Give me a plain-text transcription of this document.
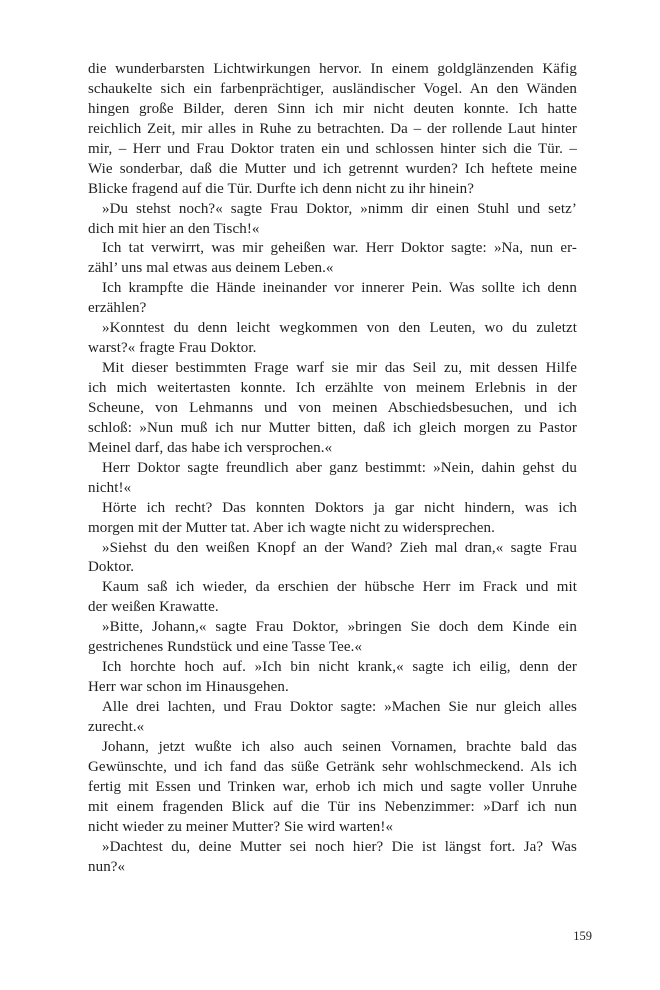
die wunderbarsten Lichtwirkungen hervor. In einem goldglänzenden Käfig
schaukelte sich ein farbenprächtiger, ausländischer Vogel. An den Wänden
hingen große Bilder, deren Sinn ich mir nicht deuten konnte. Ich hatte
reichlich Zeit, mir alles in Ruhe zu betrachten. Da – der rollende Laut hinter
mir, – Herr und Frau Doktor traten ein und schlossen hinter sich die Tür. –
Wie sonderbar, daß die Mutter und ich getrennt wurden? Ich heftete meine
Blicke fragend auf die Tür. Durfte ich denn nicht zu ihr hinein?
»Du stehst noch?« sagte Frau Doktor, »nimm dir einen Stuhl und setz’
dich mit hier an den Tisch!«
Ich tat verwirrt, was mir geheißen war. Herr Doktor sagte: »Na, nun er-
zähl’ uns mal etwas aus deinem Leben.«
Ich krampfte die Hände ineinander vor innerer Pein. Was sollte ich denn
erzählen?
»Konntest du denn leicht wegkommen von den Leuten, wo du zuletzt
warst?« fragte Frau Doktor.
Mit dieser bestimmten Frage warf sie mir das Seil zu, mit dessen Hilfe
ich mich weitertasten konnte. Ich erzählte von meinem Erlebnis in der
Scheune, von Lehmanns und von meinen Abschiedsbesuchen, und ich
schloß: »Nun muß ich nur Mutter bitten, daß ich gleich morgen zu Pastor
Meinel darf, das habe ich versprochen.«
Herr Doktor sagte freundlich aber ganz bestimmt: »Nein, dahin gehst du
nicht!«
Hörte ich recht? Das konnten Doktors ja gar nicht hindern, was ich
morgen mit der Mutter tat. Aber ich wagte nicht zu widersprechen.
»Siehst du den weißen Knopf an der Wand? Zieh mal dran,« sagte Frau
Doktor.
Kaum saß ich wieder, da erschien der hübsche Herr im Frack und mit
der weißen Krawatte.
»Bitte, Johann,« sagte Frau Doktor, »bringen Sie doch dem Kinde ein
gestrichenes Rundstück und eine Tasse Tee.«
Ich horchte hoch auf. »Ich bin nicht krank,« sagte ich eilig, denn der
Herr war schon im Hinausgehen.
Alle drei lachten, und Frau Doktor sagte: »Machen Sie nur gleich alles
zurecht.«
Johann, jetzt wußte ich also auch seinen Vornamen, brachte bald das
Gewünschte, und ich fand das süße Getränk sehr wohlschmeckend. Als ich
fertig mit Essen und Trinken war, erhob ich mich und sagte voller Unruhe
mit einem fragenden Blick auf die Tür ins Nebenzimmer: »Darf ich nun
nicht wieder zu meiner Mutter? Sie wird warten!«
»Dachtest du, deine Mutter sei noch hier? Die ist längst fort. Ja? Was
nun?«
159
